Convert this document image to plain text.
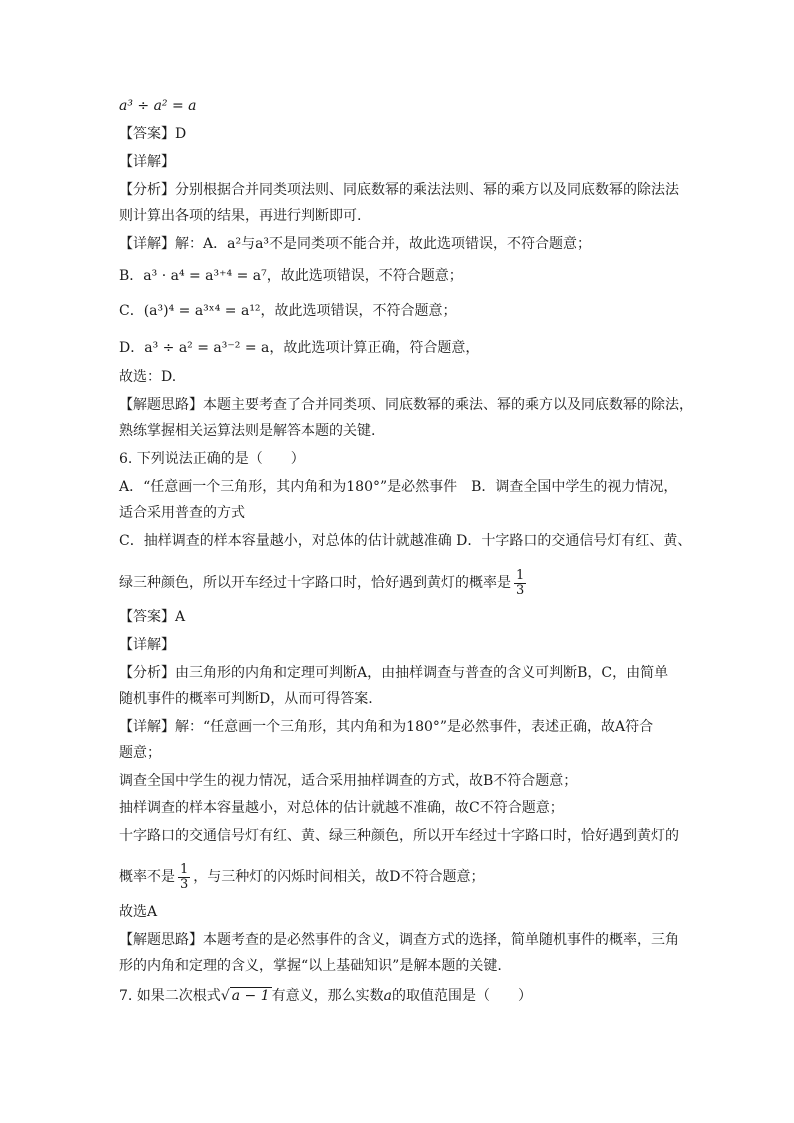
a³ ÷ a² = a
【答案】D
【详解】
【分析】分别根据合并同类项法则、同底数幂的乘法法则、幂的乘方以及同底数幂的除法法
则计算出各项的结果，再进行判断即可.
【详解】解：A．a²与a³不是同类项不能合并，故此选项错误，不符合题意；
B．a³ · a⁴ = a³⁺⁴ = a⁷，故此选项错误，不符合题意；
C．(a³)⁴ = a³ˣ⁴ = a¹²，故此选项错误，不符合题意；
D．a³ ÷ a² = a³⁻² = a，故此选项计算正确，符合题意，
故选：D.
【解题思路】本题主要考查了合并同类项、同底数幂的乘法、幂的乘方以及同底数幂的除法，
熟练掌握相关运算法则是解答本题的关键.
6. 下列说法正确的是（　　）
A．“任意画一个三角形，其内角和为180°”是必然事件　B．调查全国中学生的视力情况，
适合采用普查的方式
C．抽样调查的样本容量越小，对总体的估计就越准确 D．十字路口的交通信号灯有红、黄、
绿三种颜色，所以开车经过十字路口时，恰好遇到黄灯的概率是 $\frac{1}{3}$
【答案】A
【详解】
【分析】由三角形的内角和定理可判断A，由抽样调查与普查的含义可判断B，C，由简单
随机事件的概率可判断D，从而可得答案.
【详解】解：“任意画一个三角形，其内角和为180°”是必然事件，表述正确，故A符合
题意；
调查全国中学生的视力情况，适合采用抽样调查的方式，故B不符合题意；
抽样调查的样本容量越小，对总体的估计就越不准确，故C不符合题意；
十字路口的交通信号灯有红、黄、绿三种颜色，所以开车经过十字路口时，恰好遇到黄灯的
概率不是 $\frac{1}{3}$ ，与三种灯的闪烁时间相关，故D不符合题意；
故选A
【解题思路】本题考查的是必然事件的含义，调查方式的选择，简单随机事件的概率，三角
形的内角和定理的含义，掌握“以上基础知识”是解本题的关键.
7. 如果二次根式√ a − 1 有意义，那么实数a的取值范围是（　　）
